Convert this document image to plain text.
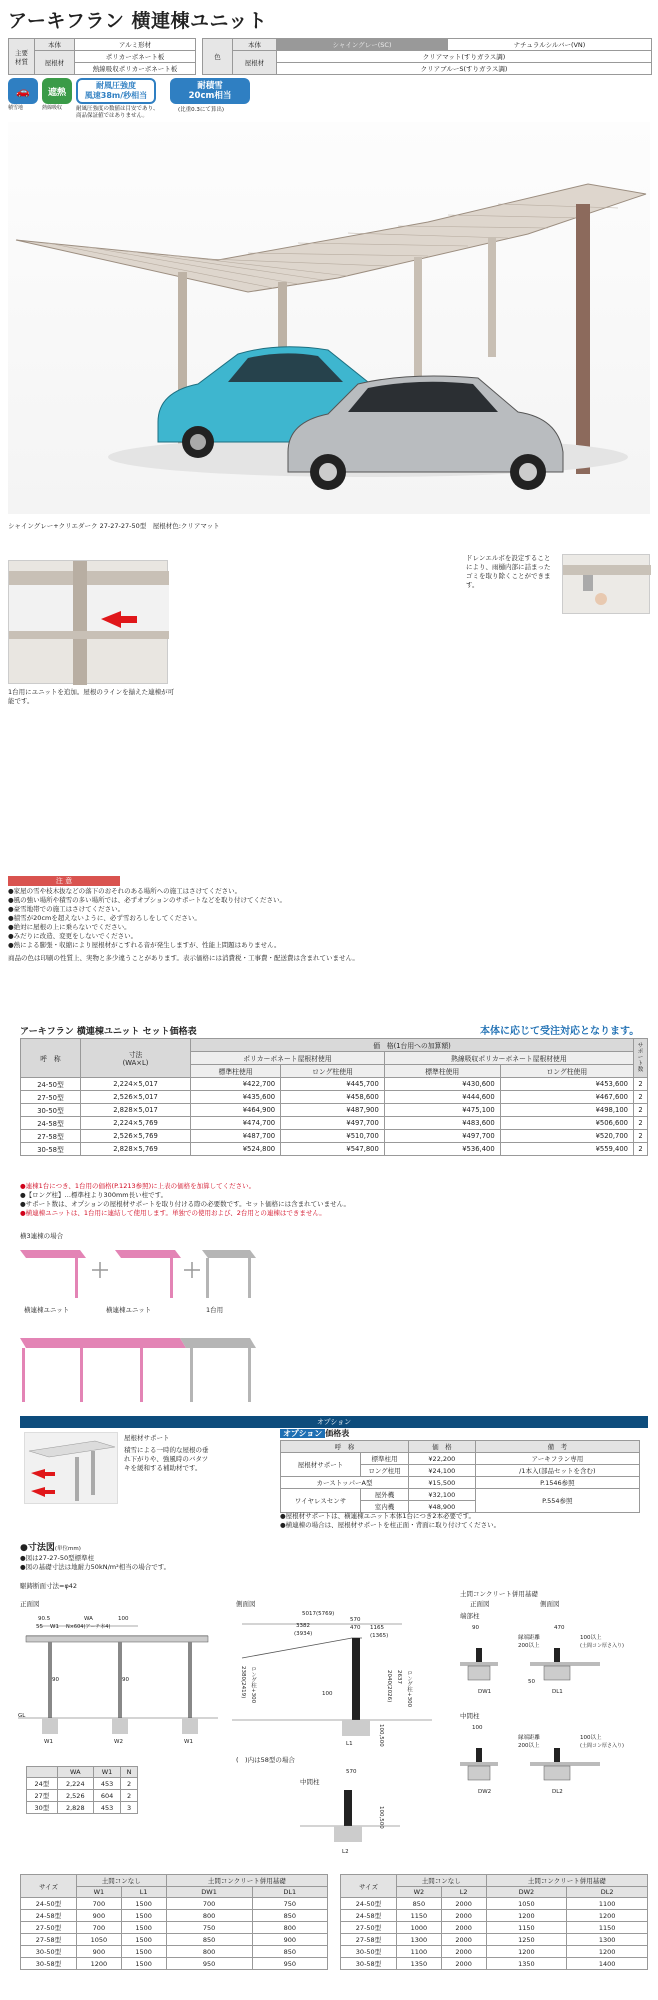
アーキフラン 横連棟ユニット
主要
材質	本体	アルミ形材
	屋根材	ポリカーボネート板
		熱線吸収ポリカーボネート板
色	本体	シャイングレー(SC)	ナチュラルシルバー(VN)
	屋根材	クリアマット(すりガラス調)	
		クリアブルーS(すりガラス調)	
🚗
積雪地
遮熱
熱線吸収
耐風圧強度
風速38m/秒相当
耐風圧強度の数値は目安であり、商品保証値ではありません。
耐積雪
20cm相当
(比重0.3にて算出)
シャイングレー+クリエダーク 27-27-27-50型　屋根材色:クリアマット
1台用にユニットを追加。屋根のラインを揃えた連棟が可能です。
ドレンエルボを設定することにより、雨樋内部に詰まったゴミを取り除くことができます。
注 意
●家屋の雪や枝木抜などの落下のおそれのある場所への施工はさけてください。
●風の強い場所や積雪の多い場所では、必ずオプションのサポートなどを取り付けてください。
●豪雪地帯での施工はさけてください。
●積雪が20cmを超えないように、必ず雪おろしをしてください。
●絶対に屋根の上に乗らないでください。
●みだりに改造、変更をしないでください。
●熱による膨張・収縮により屋根材がこすれる音が発生しますが、性能上問題はありません。
商品の色は印刷の性質上、実物と多少違うことがあります。表示価格には消費税・工事費・配送費は含まれていません。
アーキフラン 横連棟ユニット セット価格表	本体に応じて受注対応となります。
呼　称	寸法
(WA×L)	価　格(1台用への加算額)				サポート数
		ポリカーボネート屋根材使用		熱線吸収ポリカーボネート屋根材使用		
		標準柱使用	ロング柱使用	標準柱使用	ロング柱使用	
24-50型	2,224×5,017	¥422,700	¥445,700	¥430,600	¥453,600	2
27-50型	2,526×5,017	¥435,600	¥458,600	¥444,600	¥467,600	2
30-50型	2,828×5,017	¥464,900	¥487,900	¥475,100	¥498,100	2
24-58型	2,224×5,769	¥474,700	¥497,700	¥483,600	¥506,600	2
27-58型	2,526×5,769	¥487,700	¥510,700	¥497,700	¥520,700	2
30-58型	2,828×5,769	¥524,800	¥547,800	¥536,400	¥559,400	2
●連棟1台につき、1台用の価格(P.1213参照)に上表の価格を加算してください。
●【ロング柱】…標準柱より300mm長い柱です。
●サポート数は、オプションの屋根材サポートを取り付ける際の必要数です。セット価格には含まれていません。
●横連棟ユニットは、1台用に連結して使用します。単独での使用および、2台用との連棟はできません。
横3連棟の場合
横連棟ユニット	横連棟ユニット	1台用
オプション
屋根材サポート
積雪による一時的な屋根の垂れ下がりや、強風時のバタツキを緩和する補助材です。
オプション 価格表
呼　称		価　格	備　考
屋根材サポート	標準柱用	¥22,200	アーキフラン専用
	ロング柱用	¥24,100	/1本入(部品セットを含む)
カーストッパーA型		¥15,500	P.1546参照
ワイヤレスセンサ	屋外機	¥32,100	P.554参照
	室内機	¥48,900	
●屋根材サポートは、横連棟ユニット本体1台につき2本必要です。
●横連棟の場合は、屋根材サポートを柱正面・背面に取り付けてください。
●寸法図(単位mm)
●図は27-27-50型標準柱
●図の基礎寸法は地耐力50kN/m²相当の場合です。
駆鋳断面寸法=φ42
正面図
90.5	WA	100
55 W1 N×604(アーチ本4)
90	90
GL
W1	W2	W1
	WA	W1	N
24型	2,224	453	2
27型	2,526	604	2
30型	2,828	453	3
側面図
5017(5769)
3382
(3934)
570
470 1165
(1365)
2380(2419) ロング柱+300	100	2040(2026) 2637 ロング柱+300
100,500
L1
(　)内は58型の場合
中間柱
570
100,500
L2
土間コンクリート併用基礎
正面図	側面図
端部柱
90
縁端距離
200以上
470
100以上
(土間コン厚さ入り)
DW1	DL1
50
中間柱
100
縁端距離
200以上
100以上
(土間コン厚さ入り)
DW2	DL2
サイズ	土間コンなし		土間コンクリート併用基礎	
	W1	L1	DW1	DL1
24-50型	700	1500	700	750
24-58型	900	1500	800	850
27-50型	700	1500	750	800
27-58型	1050	1500	850	900
30-50型	900	1500	800	850
30-58型	1200	1500	950	950
サイズ	土間コンなし		土間コンクリート併用基礎	
	W2	L2	DW2	DL2
24-50型	850	2000	1050	1100
24-58型	1150	2000	1200	1200
27-50型	1000	2000	1150	1150
27-58型	1300	2000	1250	1300
30-50型	1100	2000	1200	1200
30-58型	1350	2000	1350	1400
